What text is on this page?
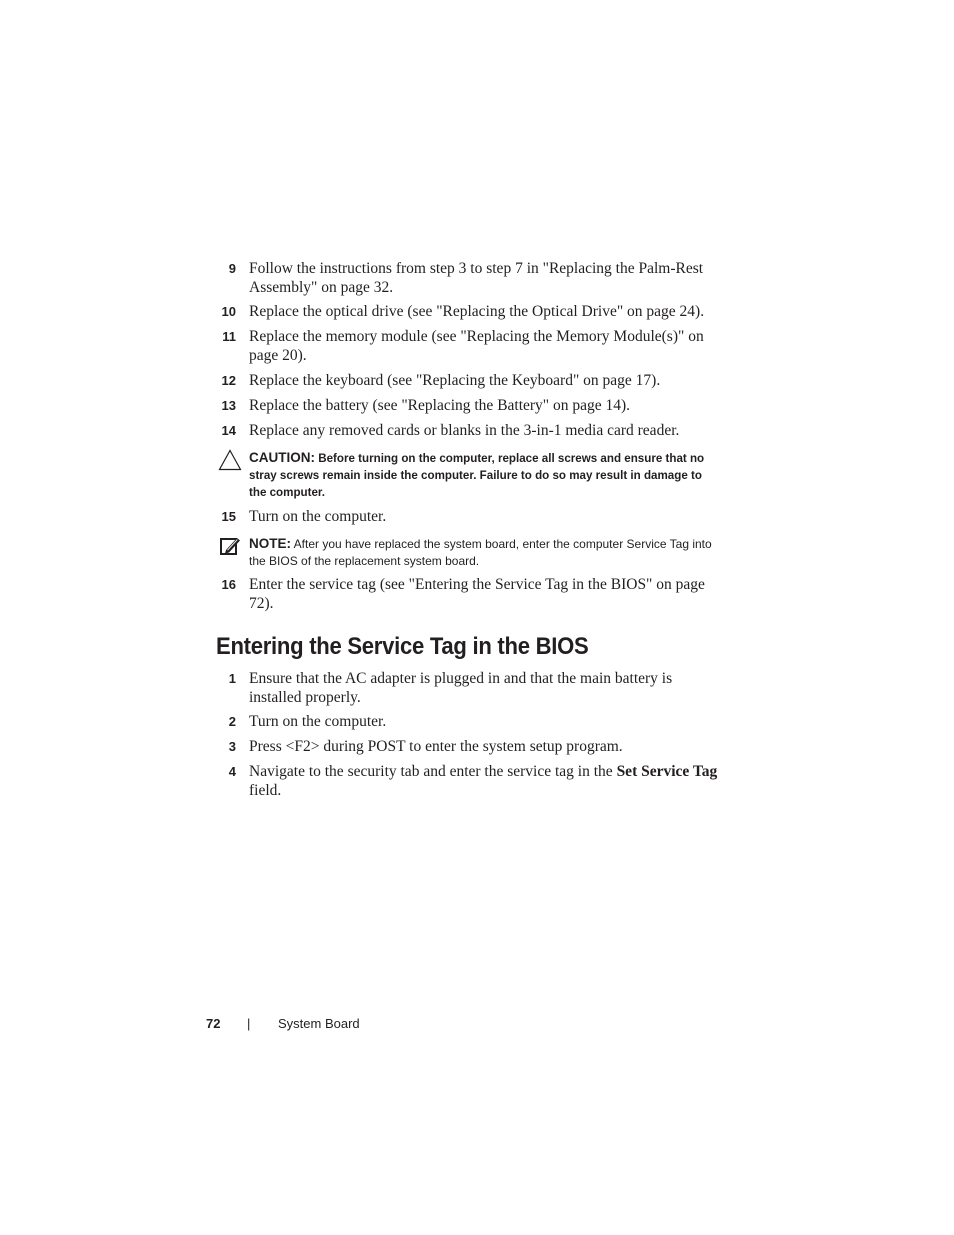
9 Follow the instructions from step 3 to step 7 in "Replacing the Palm-Rest Assembly" on page 32.
10 Replace the optical drive (see "Replacing the Optical Drive" on page 24).
11 Replace the memory module (see "Replacing the Memory Module(s)" on page 20).
12 Replace the keyboard (see "Replacing the Keyboard" on page 17).
13 Replace the battery (see "Replacing the Battery" on page 14).
14 Replace any removed cards or blanks in the 3-in-1 media card reader.
CAUTION: Before turning on the computer, replace all screws and ensure that no stray screws remain inside the computer. Failure to do so may result in damage to the computer.
15 Turn on the computer.
NOTE: After you have replaced the system board, enter the computer Service Tag into the BIOS of the replacement system board.
16 Enter the service tag (see "Entering the Service Tag in the BIOS" on page 72).
Entering the Service Tag in the BIOS
1 Ensure that the AC adapter is plugged in and that the main battery is installed properly.
2 Turn on the computer.
3 Press <F2> during POST to enter the system setup program.
4 Navigate to the security tab and enter the service tag in the Set Service Tag field.
72 | System Board
